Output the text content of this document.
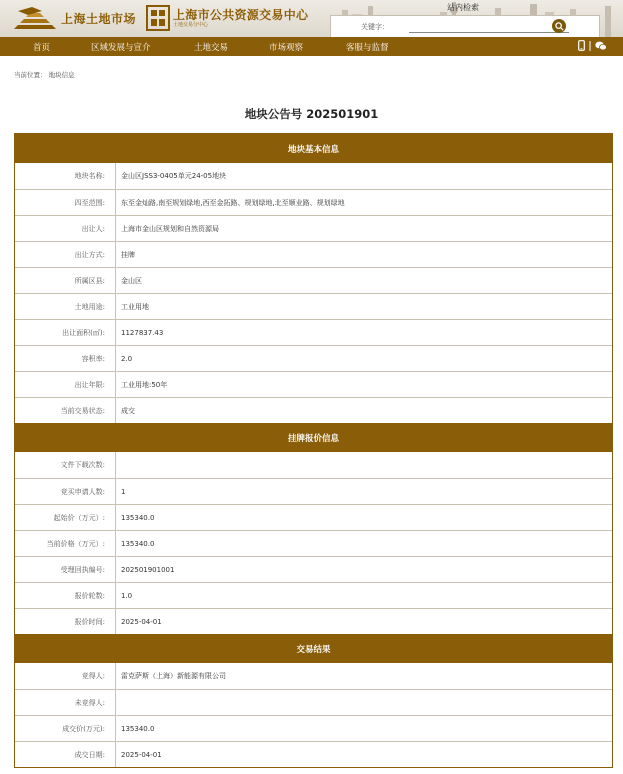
上海土地市场	上海市公共资源交易中心
土地交易分中心
站内检索
关键字：
首页	区域发展与宣介	土地交易	市场观察	客服与监督
当前位置： 地块信息
地块公告号 202501901
地块基本信息
地块名称:	金山区JSS3-0405单元24-05地块
四至范围:	东至金灿路,南至规划绿地,西至金拓路、规划绿地,北至顺业路、规划绿地
出让人:	上海市金山区规划和自然资源局
出让方式:	挂牌
所属区县:	金山区
土地用途:	工业用地
出让面积(㎡):	1127837.43
容积率:	2.0
出让年限:	工业用地:50年
当前交易状态:	成交
挂牌报价信息
文件下载次数:
竞买申请人数:	1
起始价（万元）:	135340.0
当前价格（万元）:	135340.0
受理回执编号:	202501901001
报价轮数:	1.0
报价时间:	2025-04-01
交易结果
竞得人:	雷克萨斯（上海）新能源有限公司
未竞得人:
成交价(万元):	135340.0
成交日期:	2025-04-01
